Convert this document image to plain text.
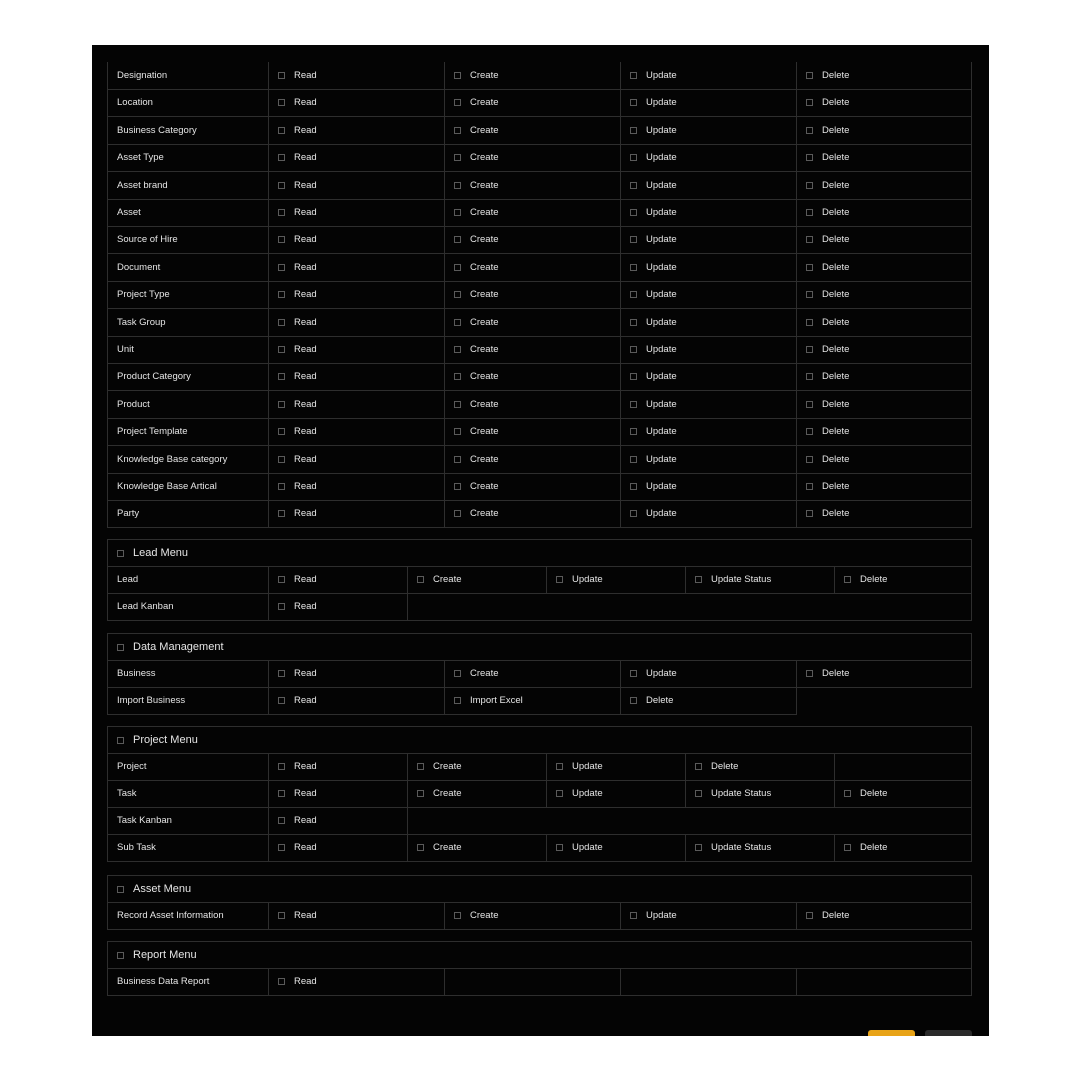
Designation	Read	Create	Update	Delete
Location	Read	Create	Update	Delete
Business Category	Read	Create	Update	Delete
Asset Type	Read	Create	Update	Delete
Asset brand	Read	Create	Update	Delete
Asset	Read	Create	Update	Delete
Source of Hire	Read	Create	Update	Delete
Document	Read	Create	Update	Delete
Project Type	Read	Create	Update	Delete
Task Group	Read	Create	Update	Delete
Unit	Read	Create	Update	Delete
Product Category	Read	Create	Update	Delete
Product	Read	Create	Update	Delete
Project Template	Read	Create	Update	Delete
Knowledge Base category	Read	Create	Update	Delete
Knowledge Base Artical	Read	Create	Update	Delete
Party	Read	Create	Update	Delete
Lead Menu
Lead	Read	Create	Update	Update Status	Delete
Lead Kanban	Read
Data Management
Business	Read	Create	Update	Delete
Import Business	Read	Import Excel	Delete
Project Menu
Project	Read	Create	Update	Delete
Task	Read	Create	Update	Update Status	Delete
Task Kanban	Read
Sub Task	Read	Create	Update	Update Status	Delete
Asset Menu
Record Asset Information	Read	Create	Update	Delete
Report Menu
Business Data Report	Read
